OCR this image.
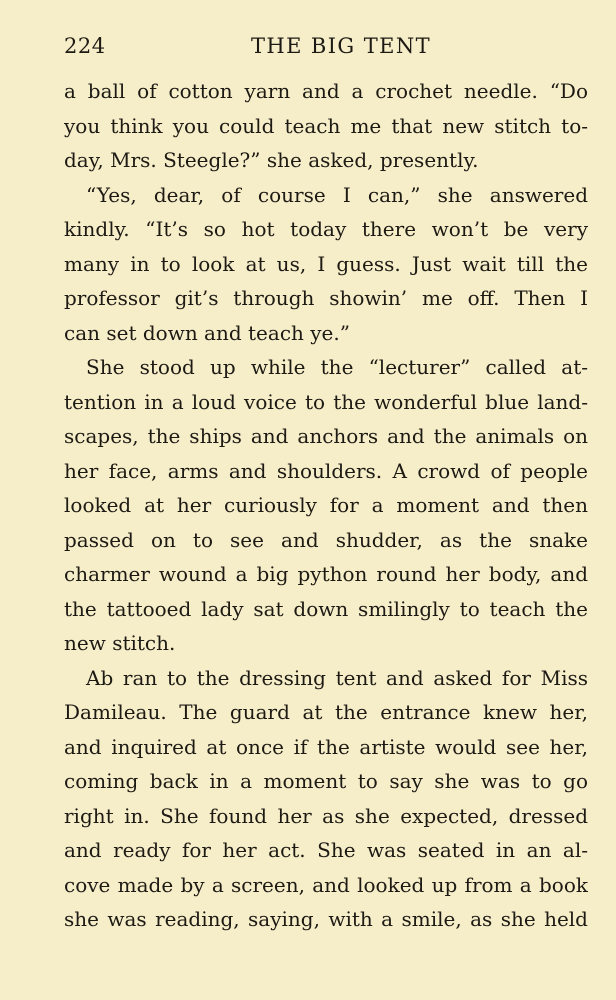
224	THE BIG TENT
a ball of cotton yarn and a crochet needle. “Do
you think you could teach me that new stitch to-
day, Mrs. Steegle?” she asked, presently.
“Yes, dear, of course I can,” she answered
kindly. “It’s so hot today there won’t be very
many in to look at us, I guess. Just wait till the
professor git’s through showin’ me off. Then I
can set down and teach ye.”
She stood up while the “lecturer” called at-
tention in a loud voice to the wonderful blue land-
scapes, the ships and anchors and the animals on
her face, arms and shoulders. A crowd of people
looked at her curiously for a moment and then
passed on to see and shudder, as the snake
charmer wound a big python round her body, and
the tattooed lady sat down smilingly to teach the
new stitch.
Ab ran to the dressing tent and asked for Miss
Damileau. The guard at the entrance knew her,
and inquired at once if the artiste would see her,
coming back in a moment to say she was to go
right in. She found her as she expected, dressed
and ready for her act. She was seated in an al-
cove made by a screen, and looked up from a book
she was reading, saying, with a smile, as she held
